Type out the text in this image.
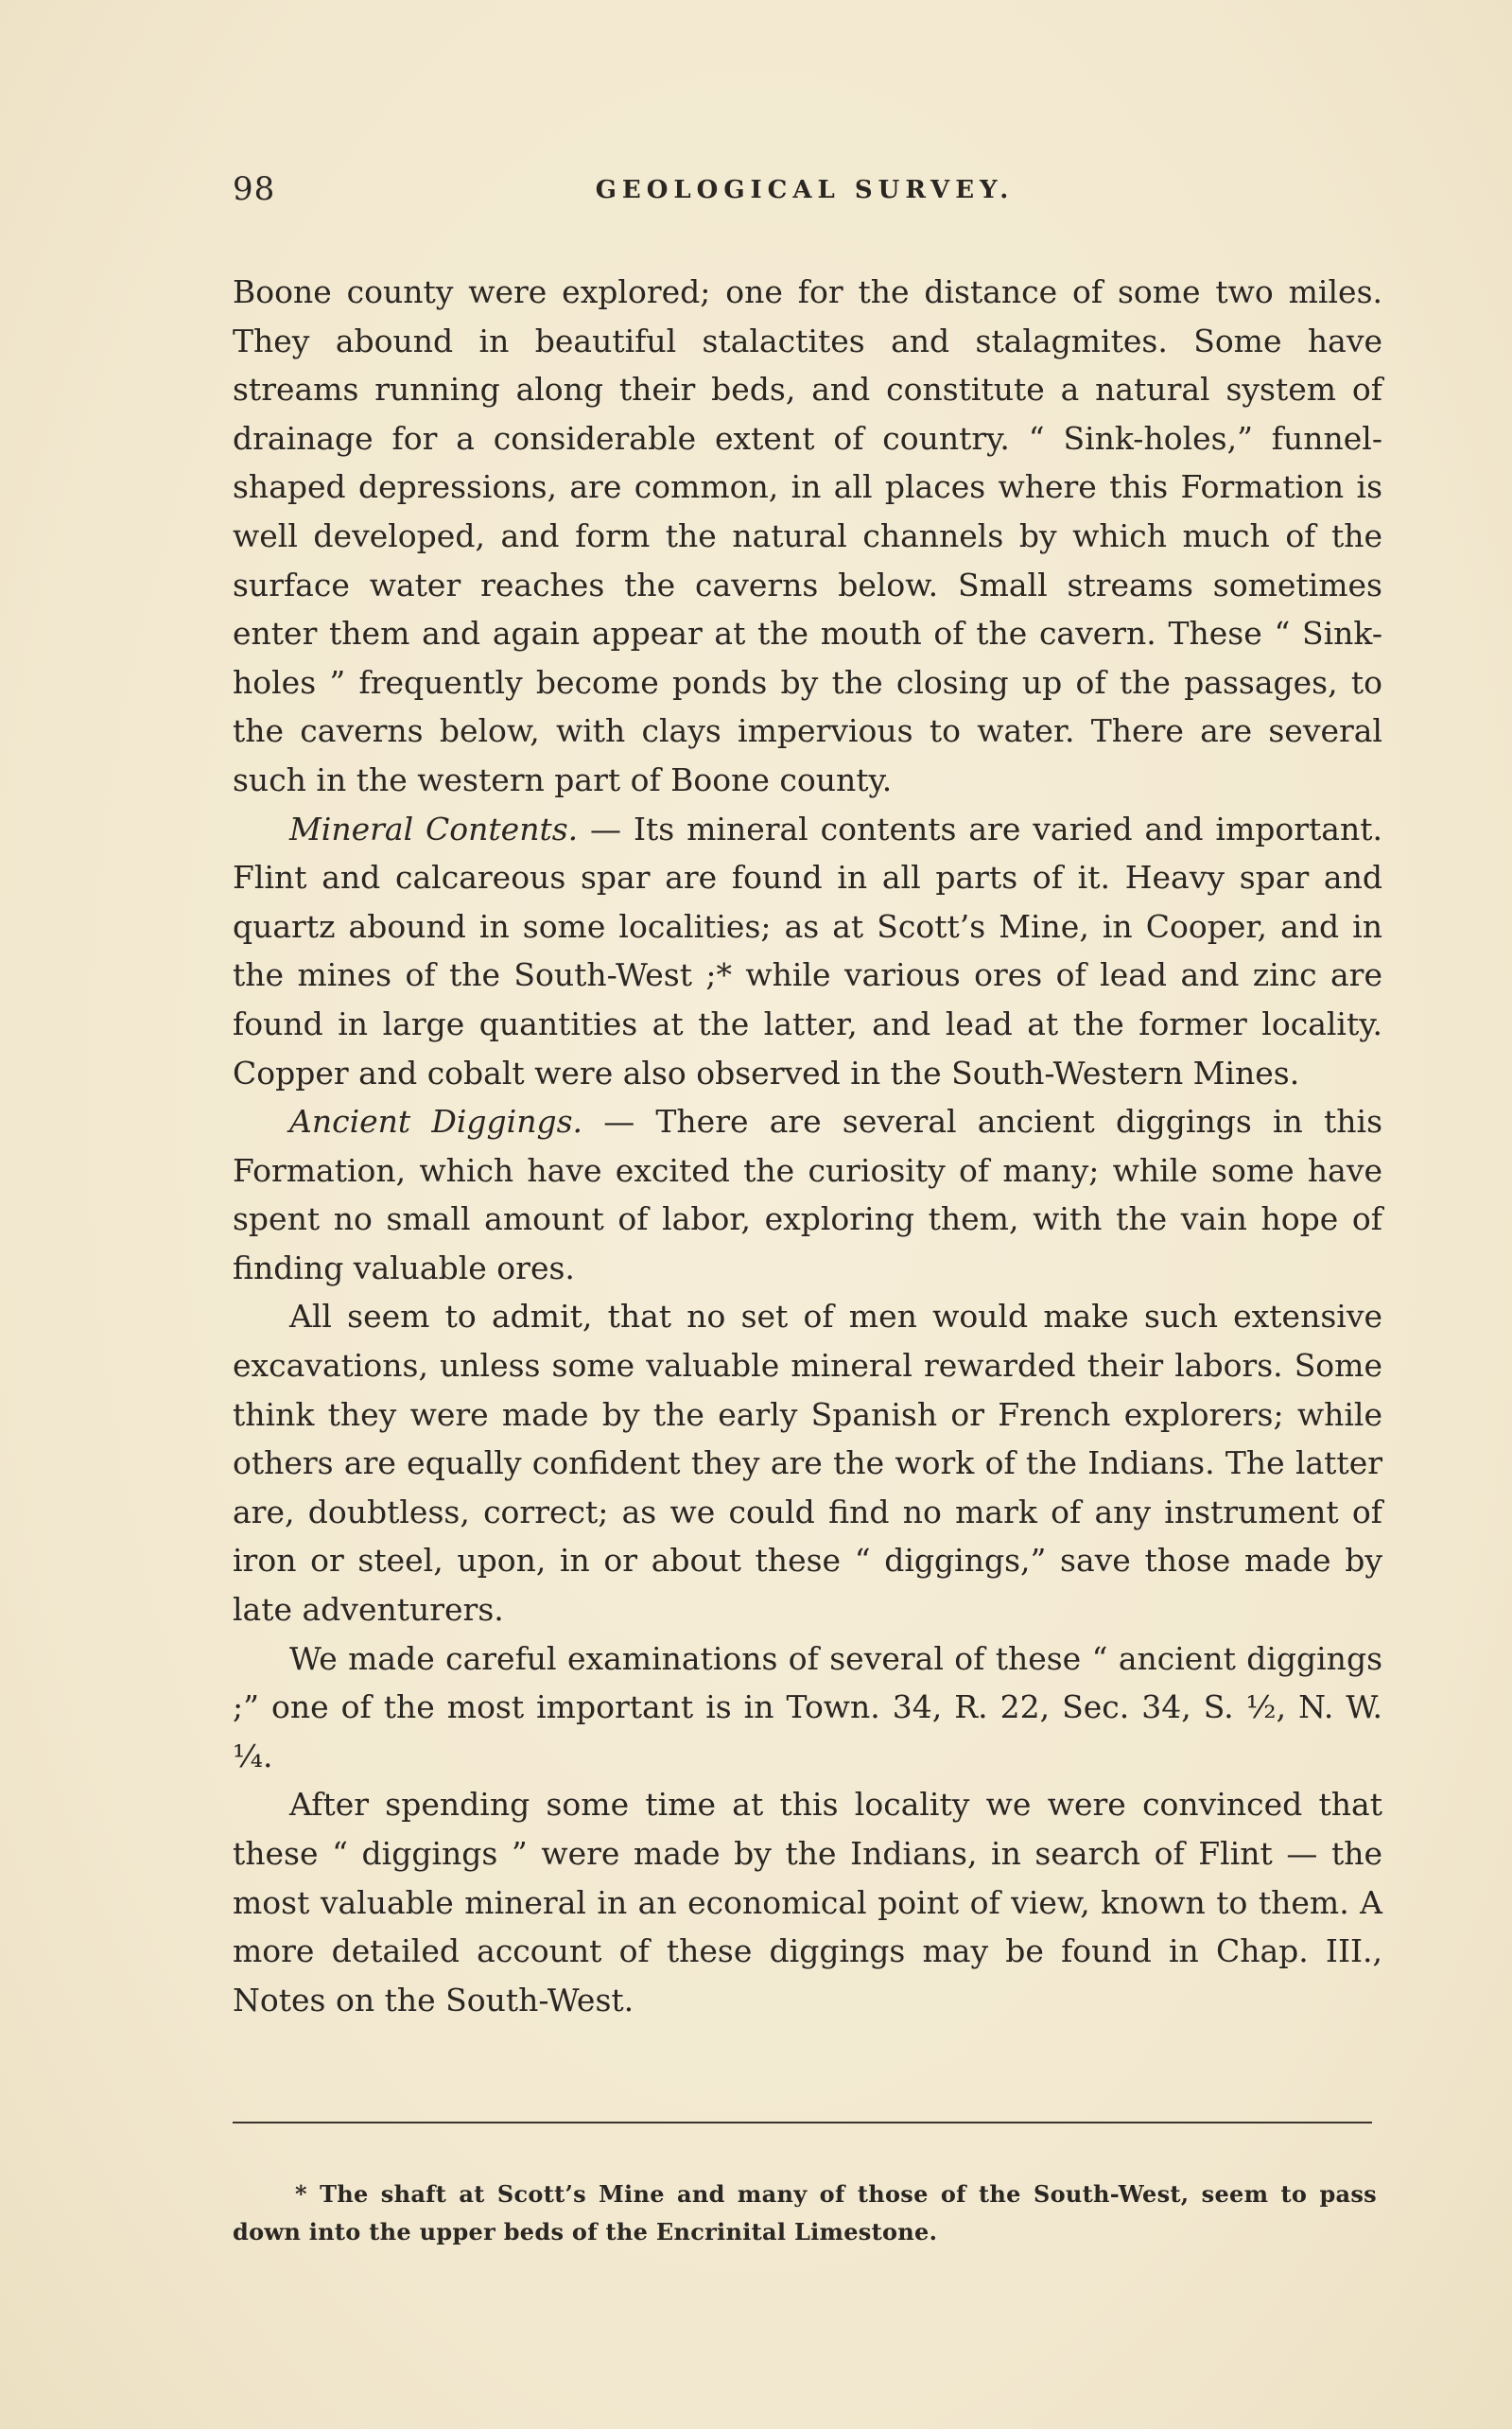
98	GEOLOGICAL SURVEY.

Boone county were explored; one for the distance of some two miles. They abound in beautiful stalactites and stalagmites. Some have streams running along their beds, and constitute a natural system of drainage for a considerable extent of country. “ Sink-holes,” funnel-shaped depressions, are common, in all places where this Formation is well developed, and form the natural channels by which much of the surface water reaches the caverns below. Small streams sometimes enter them and again appear at the mouth of the cavern. These “ Sink-holes ” frequently become ponds by the closing up of the passages, to the caverns below, with clays impervious to water. There are several such in the western part of Boone county.

Mineral Contents. — Its mineral contents are varied and important. Flint and calcareous spar are found in all parts of it. Heavy spar and quartz abound in some localities; as at Scott’s Mine, in Cooper, and in the mines of the South-West ;* while various ores of lead and zinc are found in large quantities at the latter, and lead at the former locality. Copper and cobalt were also observed in the South-Western Mines.

Ancient Diggings. — There are several ancient diggings in this Formation, which have excited the curiosity of many; while some have spent no small amount of labor, exploring them, with the vain hope of finding valuable ores.

All seem to admit, that no set of men would make such extensive excavations, unless some valuable mineral rewarded their labors. Some think they were made by the early Spanish or French explorers; while others are equally confident they are the work of the Indians. The latter are, doubtless, correct; as we could find no mark of any instrument of iron or steel, upon, in or about these “ diggings,” save those made by late adventurers.

We made careful examinations of several of these “ ancient diggings ;” one of the most important is in Town. 34, R. 22, Sec. 34, S. ½, N. W. ¼.

After spending some time at this locality we were convinced that these “ diggings ” were made by the Indians, in search of Flint — the most valuable mineral in an economical point of view, known to them. A more detailed account of these diggings may be found in Chap. III., Notes on the South-West.

* The shaft at Scott’s Mine and many of those of the South-West, seem to pass down into the upper beds of the Encrinital Limestone.
